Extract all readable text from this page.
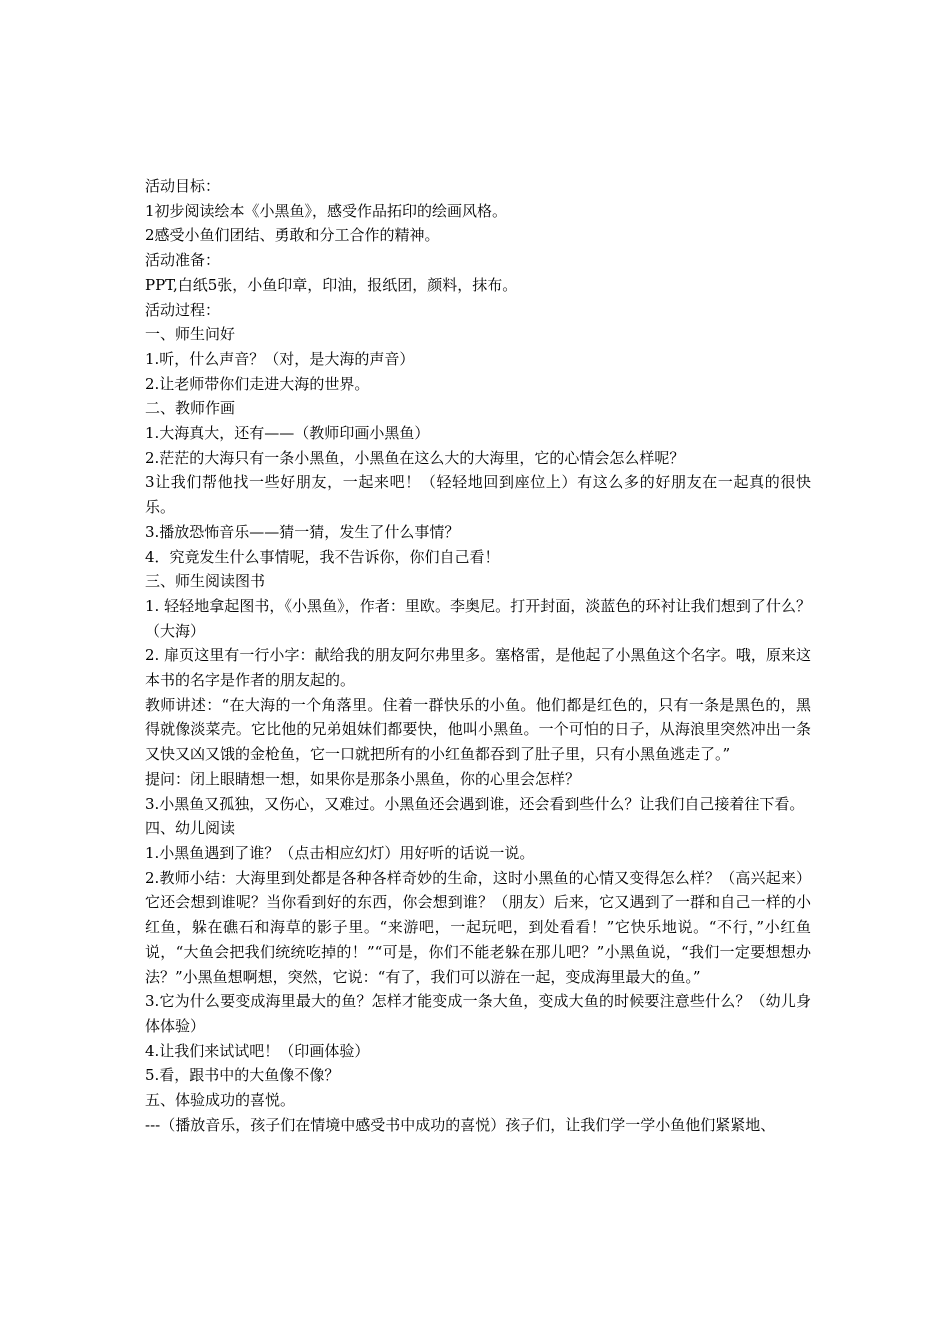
活动目标：

1初步阅读绘本《小黑鱼》，感受作品拓印的绘画风格。

2感受小鱼们团结、勇敢和分工合作的精神。

活动准备：

PPT,白纸5张，小鱼印章，印油，报纸团，颜料，抹布。

活动过程：

一、师生问好

1.听，什么声音？（对，是大海的声音）

2.让老师带你们走进大海的世界。

二、教师作画

1.大海真大，还有——（教师印画小黑鱼）

2.茫茫的大海只有一条小黑鱼，小黑鱼在这么大的大海里，它的心情会怎么样呢？

3让我们帮他找一些好朋友，一起来吧！（轻轻地回到座位上）有这么多的好朋友在一起真的很快乐。

3.播放恐怖音乐——猜一猜，发生了什么事情？

4．究竟发生什么事情呢，我不告诉你，你们自己看！

三、师生阅读图书

1. 轻轻地拿起图书，《小黑鱼》，作者：里欧。李奥尼。打开封面，淡蓝色的环衬让我们想到了什么？（大海）

2. 扉页这里有一行小字：献给我的朋友阿尔弗里多。塞格雷，是他起了小黑鱼这个名字。哦，原来这本书的名字是作者的朋友起的。

教师讲述：“在大海的一个角落里。住着一群快乐的小鱼。他们都是红色的，只有一条是黑色的，黑得就像淡菜壳。它比他的兄弟姐妹们都要快，他叫小黑鱼。一个可怕的日子，从海浪里突然冲出一条又快又凶又饿的金枪鱼，它一口就把所有的小红鱼都吞到了肚子里，只有小黑鱼逃走了。”

提问：闭上眼睛想一想，如果你是那条小黑鱼，你的心里会怎样？

3.小黑鱼又孤独，又伤心，又难过。小黑鱼还会遇到谁，还会看到些什么？让我们自己接着往下看。

四、幼儿阅读

1.小黑鱼遇到了谁？（点击相应幻灯）用好听的话说一说。

2.教师小结：大海里到处都是各种各样奇妙的生命，这时小黑鱼的心情又变得怎么样？（高兴起来）它还会想到谁呢？当你看到好的东西，你会想到谁？（朋友）后来，它又遇到了一群和自己一样的小红鱼，躲在礁石和海草的影子里。“来游吧，一起玩吧，到处看看！”它快乐地说。“不行，”小红鱼说，“大鱼会把我们统统吃掉的！”“可是，你们不能老躲在那儿吧？”小黑鱼说，“我们一定要想想办法？”小黑鱼想啊想，突然，它说：“有了，我们可以游在一起，变成海里最大的鱼。”

3.它为什么要变成海里最大的鱼？怎样才能变成一条大鱼，变成大鱼的时候要注意些什么？（幼儿身体体验）

4.让我们来试试吧！（印画体验）

5.看，跟书中的大鱼像不像？

五、体验成功的喜悦。

---（播放音乐，孩子们在情境中感受书中成功的喜悦）孩子们，让我们学一学小鱼他们紧紧地、
